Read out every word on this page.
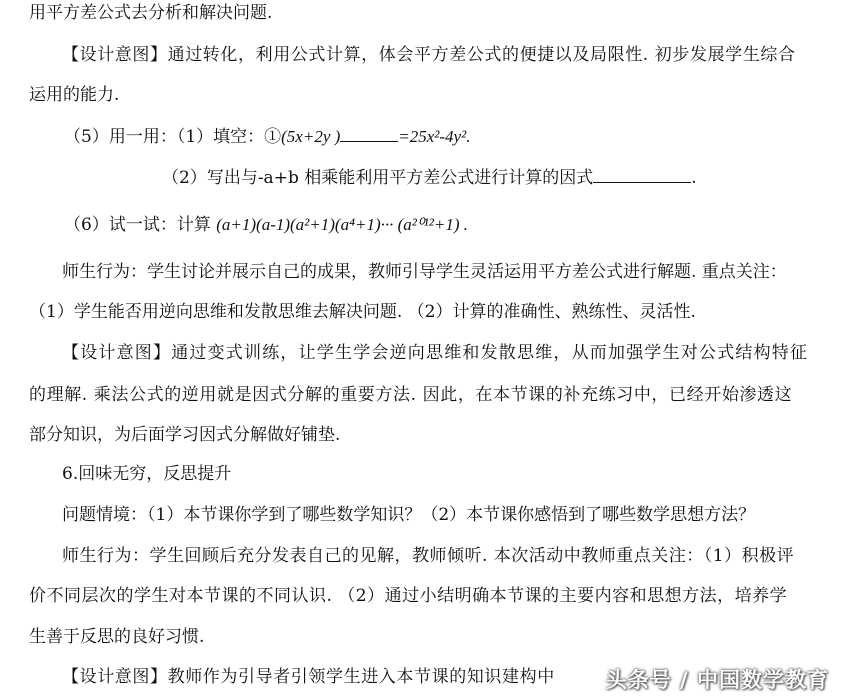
用平方差公式去分析和解决问题.
【设计意图】通过转化，利用公式计算，体会平方差公式的便捷以及局限性. 初步发展学生综合
运用的能力.
（5）用一用：（1）填空：①(5x+2y )	=25x²-4y².
（2）写出与-a+b 相乘能利用平方差公式进行计算的因式	.
（6）试一试：计算 (a+1)(a-1)(a²+1)(a⁴+1)··· (a²⁰¹²+1) .
师生行为：学生讨论并展示自己的成果，教师引导学生灵活运用平方差公式进行解题. 重点关注：
（1）学生能否用逆向思维和发散思维去解决问题. （2）计算的准确性、熟练性、灵活性.
【设计意图】通过变式训练，让学生学会逆向思维和发散思维，从而加强学生对公式结构特征
的理解. 乘法公式的逆用就是因式分解的重要方法. 因此，在本节课的补充练习中，已经开始渗透这
部分知识，为后面学习因式分解做好铺垫.
6.回味无穷，反思提升
问题情境：（1）本节课你学到了哪些数学知识？（2）本节课你感悟到了哪些数学思想方法？
师生行为：学生回顾后充分发表自己的见解，教师倾听. 本次活动中教师重点关注：（1）积极评
价不同层次的学生对本节课的不同认识. （2）通过小结明确本节课的主要内容和思想方法，培养学
生善于反思的良好习惯.
【设计意图】教师作为引导者引领学生进入本节课的知识建构中 头条号 / 中国数学教育
